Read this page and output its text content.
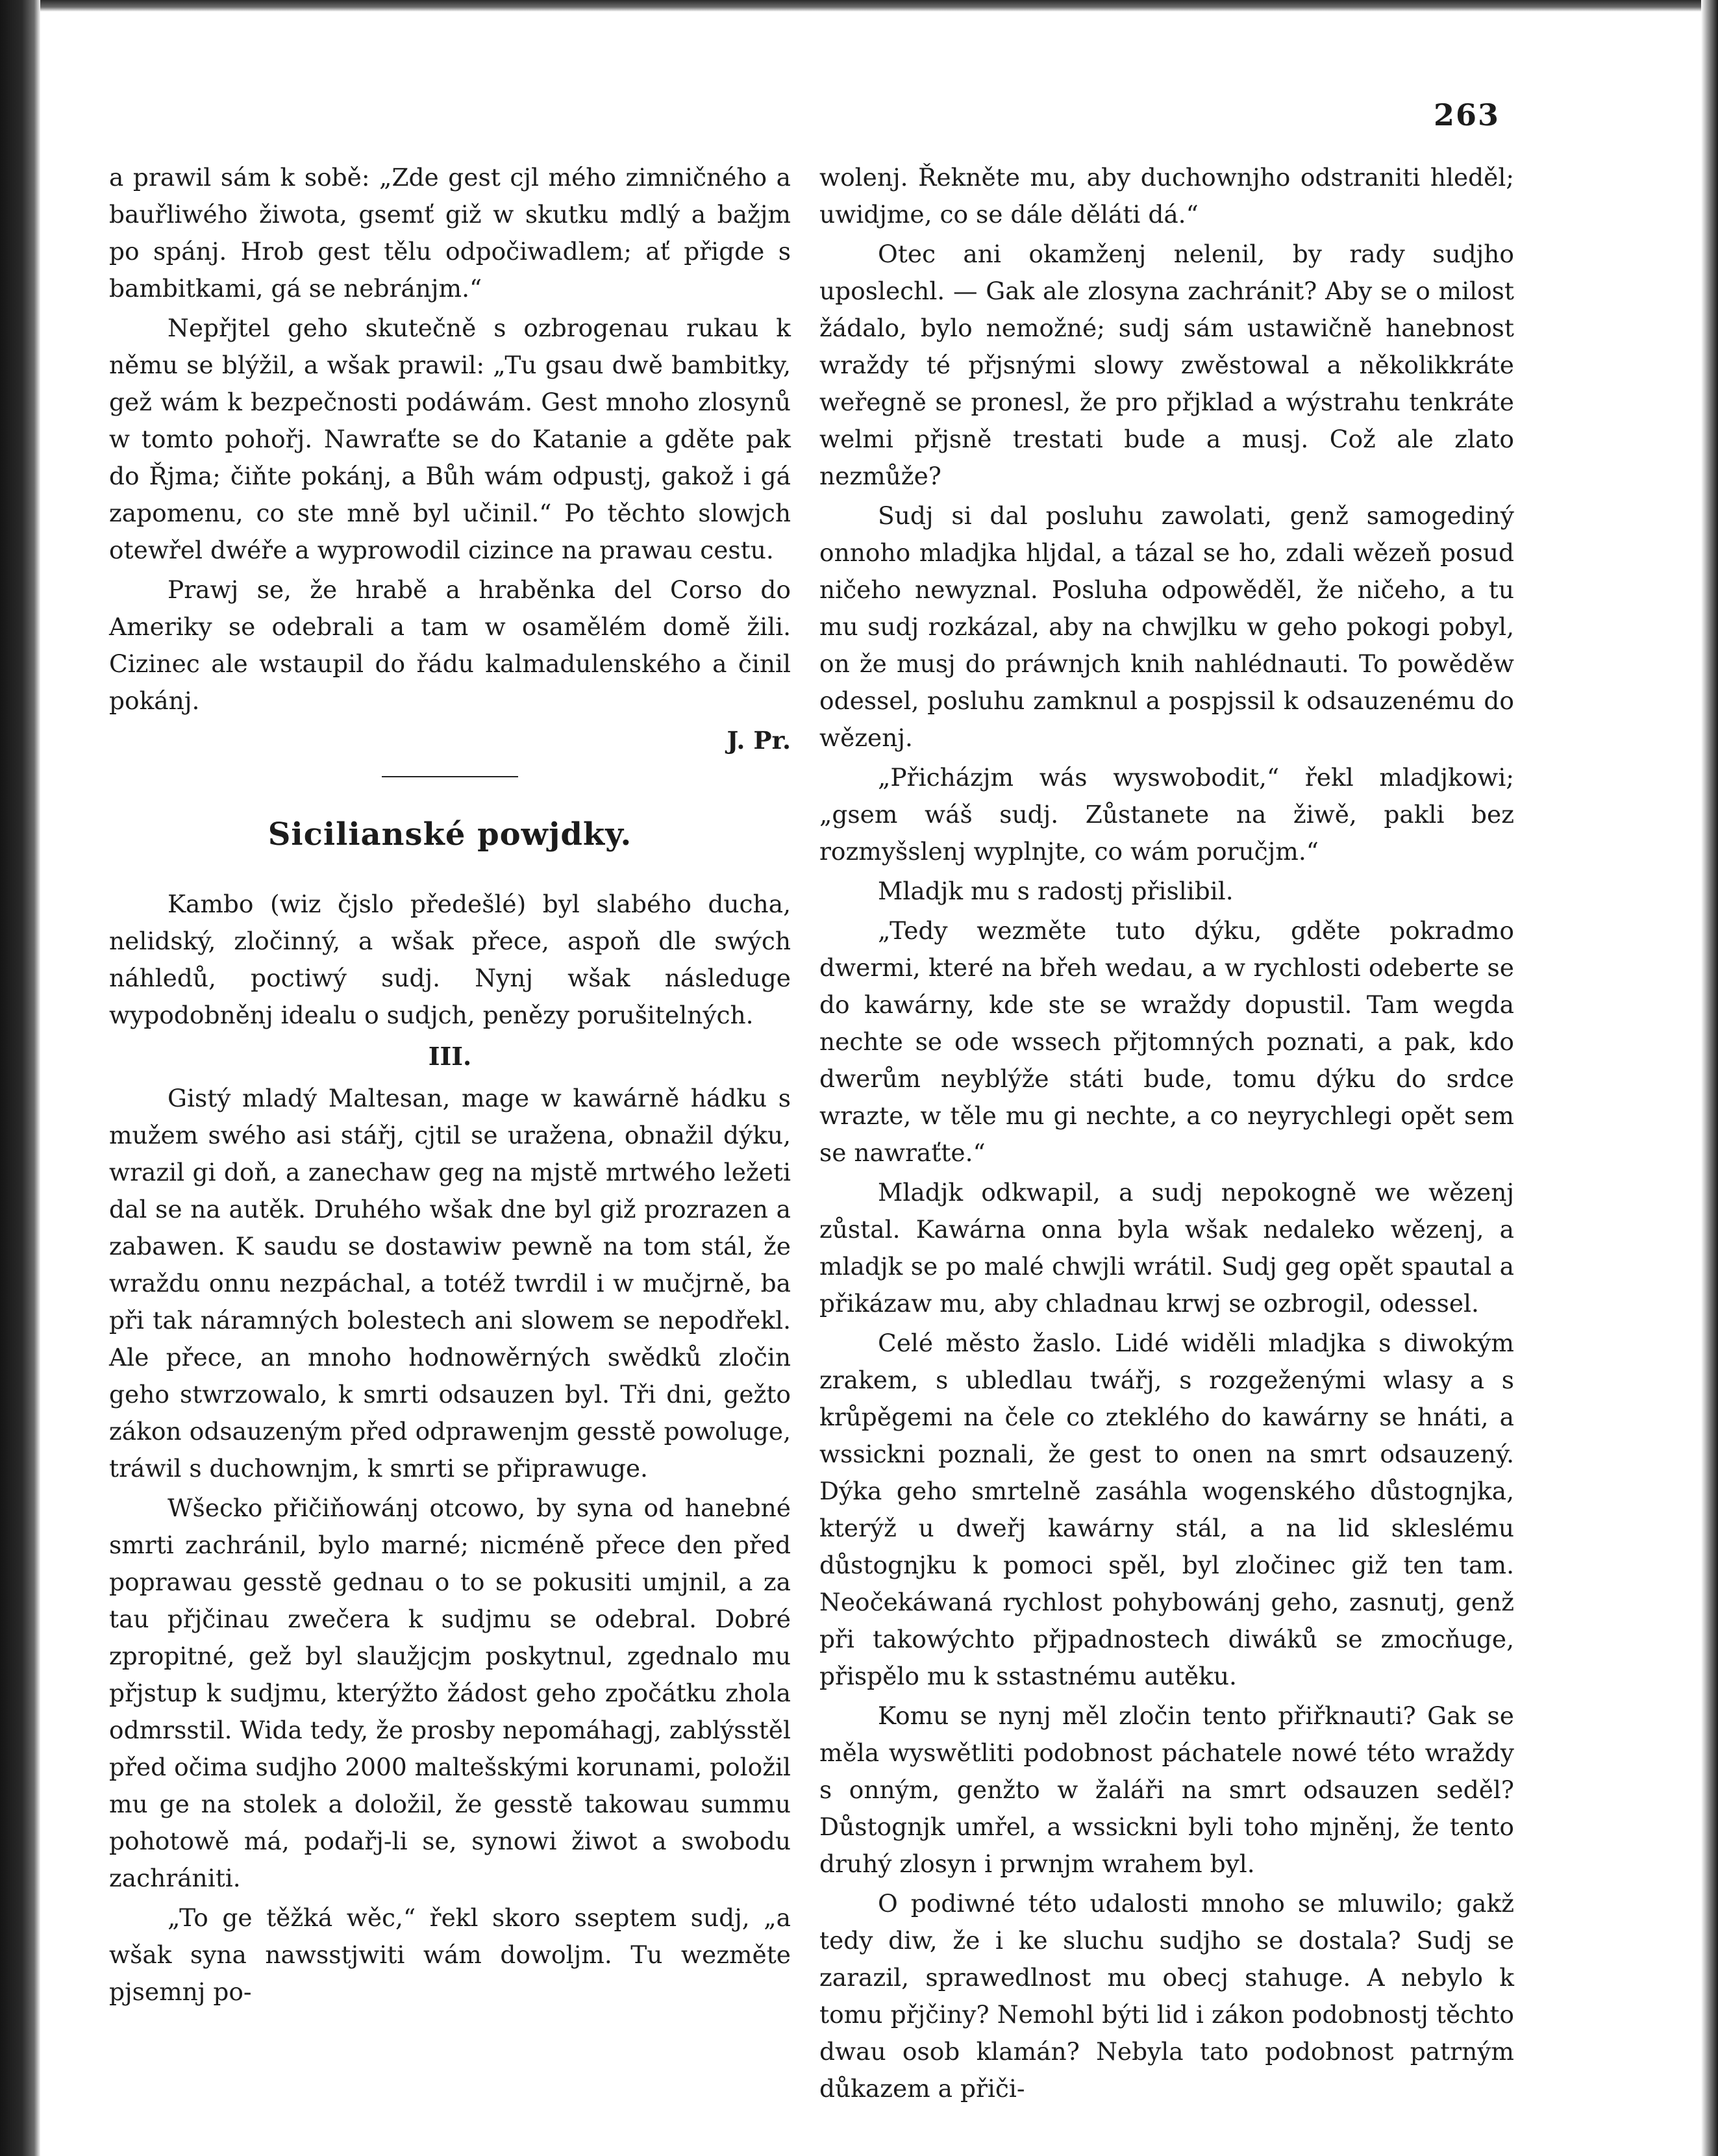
263

a prawil sám k sobě: „Zde gest cjl mého zimničného a bauřliwého žiwota, gsemť giž w skutku mdlý a bažjm po spánj. Hrob gest tělu odpočiwadlem; ať přigde s bambitkami, gá se nebránjm.“

Nepřjtel geho skutečně s ozbrogenau rukau k němu se blýžil, a wšak prawil: „Tu gsau dwě bambitky, gež wám k bezpečnosti podáwám. Gest mnoho zlosynů w tomto pohořj. Nawraťte se do Katanie a gděte pak do Řjma; čiňte pokánj, a Bůh wám odpustj, gakož i gá zapomenu, co ste mně byl učinil.“ Po těchto slowjch otewřel dwéře a wyprowodil cizince na prawau cestu.

Prawj se, že hrabě a hraběnka del Corso do Ameriky se odebrali a tam w osamělém domě žili. Cizinec ale wstaupil do řádu kalmadulenského a činil pokánj.

J. Pr.
Sicilianské powjdky.

Kambo (wiz čjslo předešlé) byl slabého ducha, nelidský, zločinný, a wšak přece, aspoň dle swých náhledů, poctiwý sudj. Nynj wšak následuge wypodobněnj idealu o sudjch, penězy porušitelných.

III.

Gistý mladý Maltesan, mage w kawárně hádku s mužem swého asi stářj, cjtil se uražena, obnažil dýku, wrazil gi doň, a zanechaw geg na mjstě mrtwého ležeti dal se na autěk. Druhého wšak dne byl giž prozrazen a zabawen. K saudu se dostawiw pewně na tom stál, že wraždu onnu nezpáchal, a totéž twrdil i w mučjrně, ba při tak náramných bolestech ani slowem se nepodřekl. Ale přece, an mnoho hodnowěrných swědků zločin geho stwrzowalo, k smrti odsauzen byl. Tři dni, gežto zákon odsauzeným před odprawenjm gesstě powoluge, tráwil s duchownjm, k smrti se připrawuge.

Wšecko přičiňowánj otcowo, by syna od hanebné smrti zachránil, bylo marné; nicméně přece den před poprawau gesstě gednau o to se pokusiti umjnil, a za tau přjčinau zwečera k sudjmu se odebral. Dobré zpropitné, gež byl slaužjcjm poskytnul, zgednalo mu přjstup k sudjmu, kterýžto žádost geho zpočátku zhola odmrsstil. Wida tedy, že prosby nepomáhagj, zablýsstěl před očima sudjho 2000 maltešskými korunami, položil mu ge na stolek a doložil, že gesstě takowau summu pohotowě má, podařj-li se, synowi žiwot a swobodu zachrániti.

„To ge těžká wěc,“ řekl skoro sseptem sudj, „a wšak syna nawsstjwiti wám dowoljm. Tu wezměte pjsemnj po-

wolenj. Řekněte mu, aby duchownjho odstraniti hleděl; uwidjme, co se dále děláti dá.“

Otec ani okamženj nelenil, by rady sudjho uposlechl. — Gak ale zlosyna zachránit? Aby se o milost žádalo, bylo nemožné; sudj sám ustawičně hanebnost wraždy té přjsnými slowy zwěstowal a několikkráte weřegně se pronesl, že pro přjklad a wýstrahu tenkráte welmi přjsně trestati bude a musj. Což ale zlato nezmůže?

Sudj si dal posluhu zawolati, genž samogediný onnoho mladjka hljdal, a tázal se ho, zdali wězeň posud ničeho newyznal. Posluha odpowěděl, že ničeho, a tu mu sudj rozkázal, aby na chwjlku w geho pokogi pobyl, on že musj do práwnjch knih nahlédnauti. To powěděw odessel, posluhu zamknul a pospjssil k odsauzenému do wězenj.

„Přicházjm wás wyswobodit,“ řekl mladjkowi; „gsem wáš sudj. Zůstanete na žiwě, pakli bez rozmyšslenj wyplnjte, co wám poručjm.“

Mladjk mu s radostj přislibil.

„Tedy wezměte tuto dýku, gděte pokradmo dwermi, které na břeh wedau, a w rychlosti odeberte se do kawárny, kde ste se wraždy dopustil. Tam wegda nechte se ode wssech přjtomných poznati, a pak, kdo dwerům neyblýže státi bude, tomu dýku do srdce wrazte, w těle mu gi nechte, a co neyrychlegi opět sem se nawraťte.“

Mladjk odkwapil, a sudj nepokogně we wězenj zůstal. Kawárna onna byla wšak nedaleko wězenj, a mladjk se po malé chwjli wrátil. Sudj geg opět spautal a přikázaw mu, aby chladnau krwj se ozbrogil, odessel.

Celé město žaslo. Lidé widěli mladjka s diwokým zrakem, s ubledlau twářj, s rozgeženými wlasy a s krůpěgemi na čele co ztekléhо do kawárny se hnáti, a wssickni poznali, že gest to onen na smrt odsauzený. Dýka geho smrtelně zasáhla wogenského důstognjka, kterýž u dweřj kawárny stál, a na lid skleslému důstognjku k pomoci spěl, byl zločinec giž ten tam. Neočekáwaná rychlost pohybowánj geho, zasnutj, genž při takowýchto přjpadnostech diwáků se zmocňuge, přispělo mu k sstastnému autěku.

Komu se nynj měl zločin tento přiřknauti? Gak se měla wyswětliti podobnost páchatele nowé této wraždy s onným, genžto w žaláři na smrt odsauzen seděl? Důstognjk umřel, a wssickni byli toho mjněnj, že tento druhý zlosyn i prwnjm wrahem byl.

O podiwné této udalosti mnoho se mluwilo; gakž tedy diw, že i ke sluchu sudjho se dostala? Sudj se zarazil, sprawedlnost mu obecj stahuge. A nebylo k tomu přjčiny? Nemohl býti lid i zákon podobnostj těchto dwau osob klamán? Nebyla tato podobnost patrným důkazem a přiči-
